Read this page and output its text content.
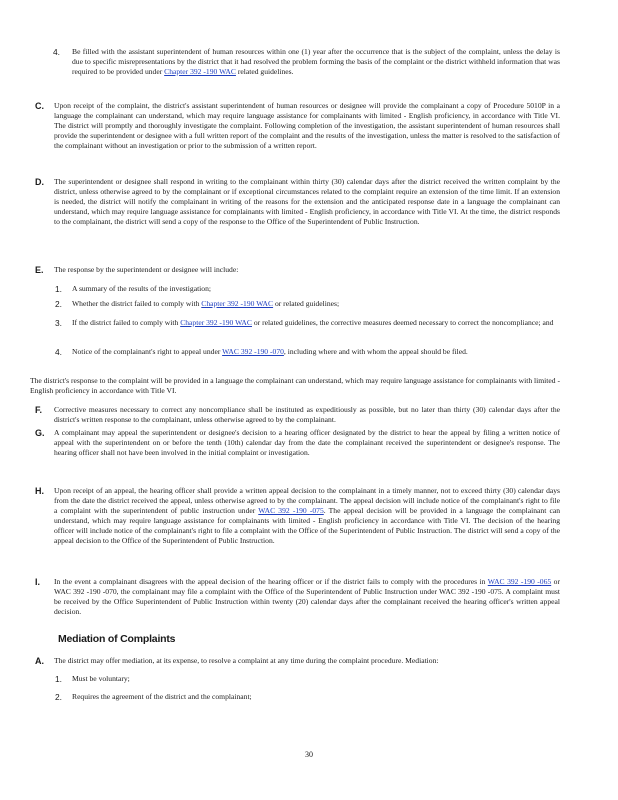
4. Be filled with the assistant superintendent of human resources within one (1) year after the occurrence that is the subject of the complaint, unless the delay is due to specific misrepresentations by the district that it had resolved the problem forming the basis of the complaint or the district withheld information that was required to be provided under Chapter 392 -190 WAC related guidelines.
C. Upon receipt of the complaint, the district's assistant superintendent of human resources or designee will provide the complainant a copy of Procedure 5010P in a language the complainant can understand, which may require language assistance for complainants with limited - English proficiency, in accordance with Title VI. The district will promptly and thoroughly investigate the complaint. Following completion of the investigation, the assistant superintendent of human resources shall provide the superintendent or designee with a full written report of the complaint and the results of the investigation, unless the matter is resolved to the satisfaction of the complainant without an investigation or prior to the submission of a written report.
D. The superintendent or designee shall respond in writing to the complainant within thirty (30) calendar days after the district received the written complaint by the district, unless otherwise agreed to by the complainant or if exceptional circumstances related to the complaint require an extension of the time limit. If an extension is needed, the district will notify the complainant in writing of the reasons for the extension and the anticipated response date in a language the complainant can understand, which may require language assistance for complainants with limited - English proficiency, in accordance with Title VI. At the time, the district responds to the complainant, the district will send a copy of the response to the Office of the Superintendent of Public Instruction.
E. The response by the superintendent or designee will include:
1. A summary of the results of the investigation;
2. Whether the district failed to comply with Chapter 392 -190 WAC or related guidelines;
3. If the district failed to comply with Chapter 392 -190 WAC or related guidelines, the corrective measures deemed necessary to correct the noncompliance; and
4. Notice of the complainant's right to appeal under WAC 392 -190 -070, including where and with whom the appeal should be filed.
The district's response to the complaint will be provided in a language the complainant can understand, which may require language assistance for complainants with limited - English proficiency in accordance with Title VI.
F. Corrective measures necessary to correct any noncompliance shall be instituted as expeditiously as possible, but no later than thirty (30) calendar days after the district's written response to the complainant, unless otherwise agreed to by the complainant.
G. A complainant may appeal the superintendent or designee's decision to a hearing officer designated by the district to hear the appeal by filing a written notice of appeal with the superintendent on or before the tenth (10th) calendar day from the date the complainant received the superintendent or designee's response. The hearing officer shall not have been involved in the initial complaint or investigation.
H. Upon receipt of an appeal, the hearing officer shall provide a written appeal decision to the complainant in a timely manner, not to exceed thirty (30) calendar days from the date the district received the appeal, unless otherwise agreed to by the complainant. The appeal decision will include notice of the complainant's right to file a complaint with the superintendent of public instruction under WAC 392 -190 -075. The appeal decision will be provided in a language the complainant can understand, which may require language assistance for complainants with limited - English proficiency in accordance with Title VI. The decision of the hearing officer will include notice of the complainant's right to file a complaint with the Office of the Superintendent of Public Instruction. The district will send a copy of the appeal decision to the Office of the Superintendent of Public Instruction.
I. In the event a complainant disagrees with the appeal decision of the hearing officer or if the district fails to comply with the procedures in WAC 392 -190 -065 or WAC 392 -190 -070, the complainant may file a complaint with the Office of the Superintendent of Public Instruction under WAC 392 -190 -075. A complaint must be received by the Office Superintendent of Public Instruction within twenty (20) calendar days after the complainant received the hearing officer's written appeal decision.
Mediation of Complaints
A. The district may offer mediation, at its expense, to resolve a complaint at any time during the complaint procedure. Mediation:
1. Must be voluntary;
2. Requires the agreement of the district and the complainant;
30
